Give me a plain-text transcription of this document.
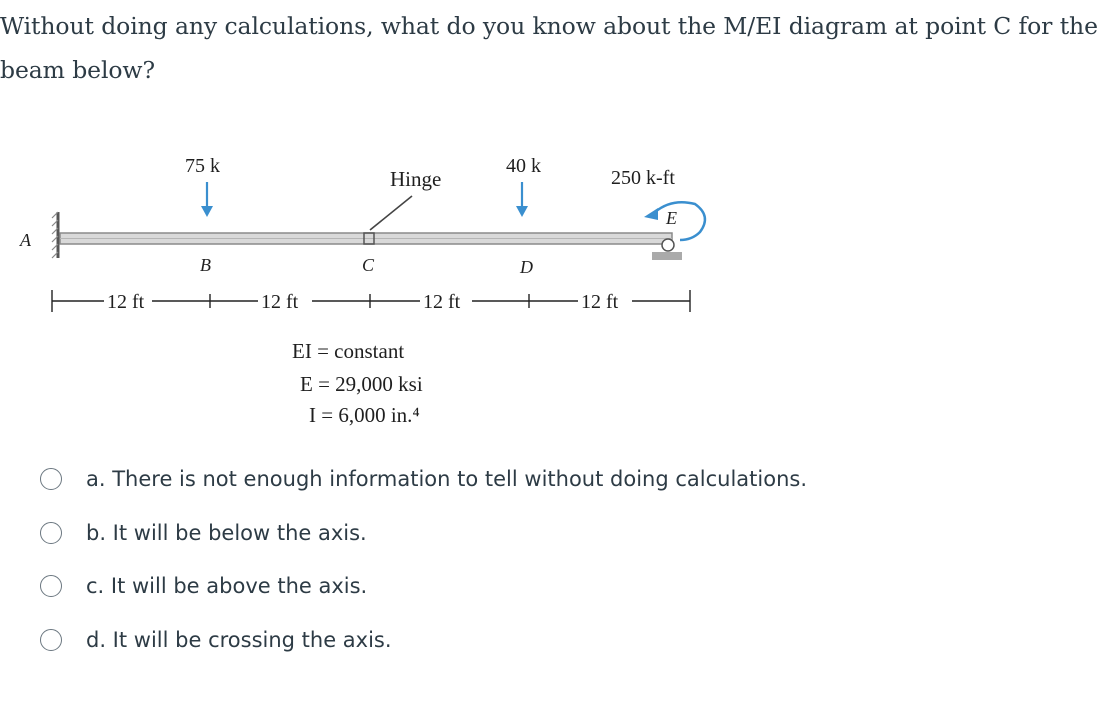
Without doing any calculations, what do you know about the M/EI diagram at point C for the beam below?
75 k
Hinge
40 k
250 k-ft
A
B	C	D
E
12 ft	12 ft	12 ft	12 ft
EI = constant
E = 29,000 ksi
I = 6,000 in.⁴
a. There is not enough information to tell without doing calculations.
b. It will be below the axis.
c. It will be above the axis.
d. It will be crossing the axis.
